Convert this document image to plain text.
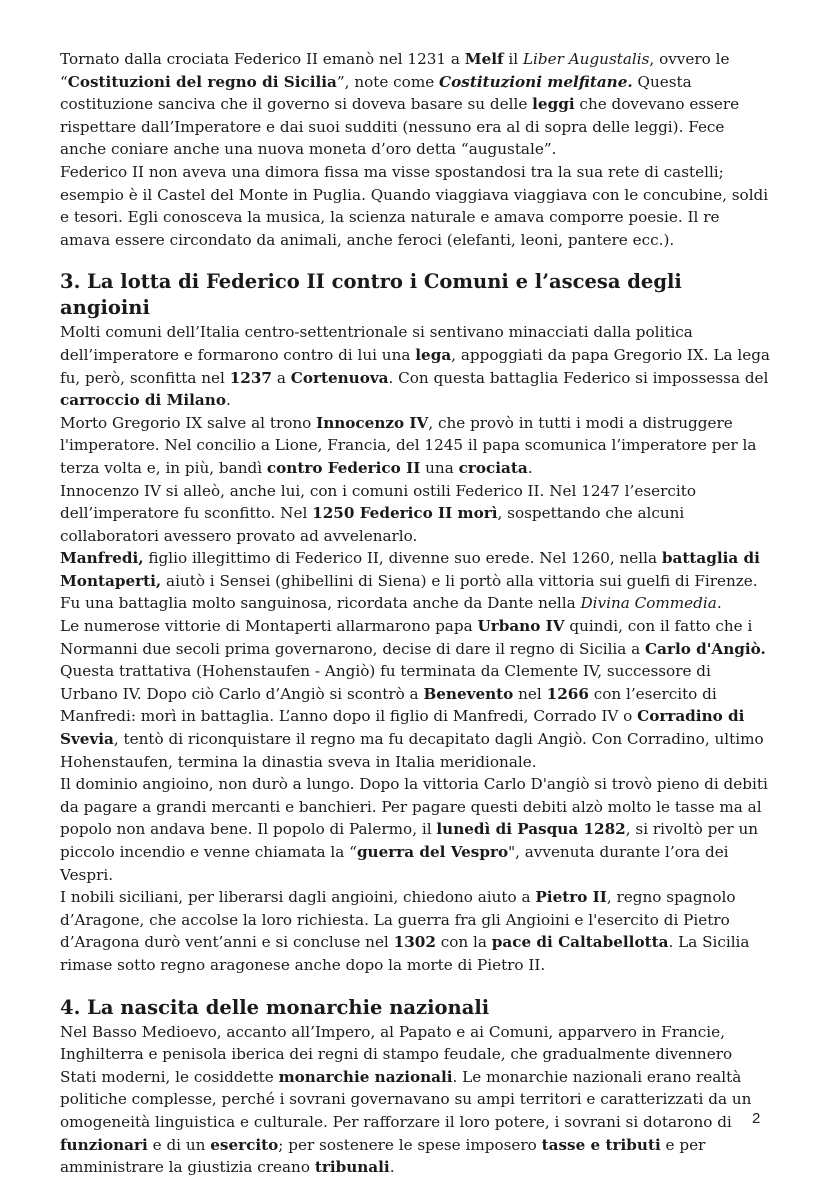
Tornato dalla crociata Federico II emanò nel 1231 a Melf il Liber Augustalis, ovvero le “Costituzioni del regno di Sicilia”, note come Costituzioni melfitane. Questa costituzione sanciva che il governo si doveva basare su delle leggi che dovevano essere rispettare dall’Imperatore e dai suoi sudditi (nessuno era al di sopra delle leggi). Fece anche coniare anche una nuova moneta d’oro detta “augustale”.

Federico II non aveva una dimora fissa ma visse spostandosi tra la sua rete di castelli; esempio è il Castel del Monte in Puglia. Quando viaggiava viaggiava con le concubine, soldi e tesori. Egli conosceva la musica, la scienza naturale e amava comporre poesie. Il re amava essere circondato da animali, anche feroci (elefanti, leoni, pantere ecc.).

3. La lotta di Federico II contro i Comuni e l’ascesa degli angioini

Molti comuni dell’Italia centro-settentrionale si sentivano minacciati dalla politica dell’imperatore e formarono contro di lui una lega, appoggiati da papa Gregorio IX. La lega fu, però, sconfitta nel 1237 a Cortenuova. Con questa battaglia Federico si impossessa del carroccio di Milano.

Morto Gregorio IX salve al trono Innocenzo IV, che provò in tutti i modi a distruggere l'imperatore. Nel concilio a Lione, Francia, del 1245 il papa scomunica l’imperatore per la terza volta e, in più, bandì contro Federico II una crociata.

Innocenzo IV si alleò, anche lui, con i comuni ostili Federico II. Nel 1247 l’esercito dell’imperatore fu sconfitto. Nel 1250 Federico II morì, sospettando che alcuni collaboratori avessero provato ad avvelenarlo.

Manfredi, figlio illegittimo di Federico II, divenne suo erede. Nel 1260, nella battaglia di Montaperti, aiutò i Sensei (ghibellini di Siena) e li portò alla vittoria sui guelfi di Firenze. Fu una battaglia molto sanguinosa, ricordata anche da Dante nella Divina Commedia.

Le numerose vittorie di Montaperti allarmarono papa Urbano IV quindi, con il fatto che i Normanni due secoli prima governarono, decise di dare il regno di Sicilia a Carlo d'Angiò. Questa trattativa (Hohenstaufen - Angiò) fu terminata da Clemente IV, successore di Urbano IV. Dopo ciò Carlo d’Angiò si scontrò a Benevento nel 1266 con l’esercito di Manfredi: morì in battaglia. L’anno dopo il figlio di Manfredi, Corrado IV o Corradino di Svevia, tentò di riconquistare il regno ma fu decapitato dagli Angiò. Con Corradino, ultimo Hohenstaufen, termina la dinastia sveva in Italia meridionale.

Il dominio angioino, non durò a lungo. Dopo la vittoria Carlo D'angiò si trovò pieno di debiti da pagare a grandi mercanti e banchieri. Per pagare questi debiti alzò molto le tasse ma al popolo non andava bene. Il popolo di Palermo, il lunedì di Pasqua 1282, si rivoltò per un piccolo incendio e venne chiamata la “guerra del Vespro", avvenuta durante l’ora dei Vespri.

I nobili siciliani, per liberarsi dagli angioini, chiedono aiuto a Pietro II, regno spagnolo d’Aragone, che accolse la loro richiesta. La guerra fra gli Angioini e l'esercito di Pietro d’Aragona durò vent’anni e si concluse nel 1302 con la pace di Caltabellotta. La Sicilia rimase sotto regno aragonese anche dopo la morte di Pietro II.

4. La nascita delle monarchie nazionali

Nel Basso Medioevo, accanto all’Impero, al Papato e ai Comuni, apparvero in Francie, Inghilterra e penisola iberica dei regni di stampo feudale, che gradualmente divennero Stati moderni, le cosiddette monarchie nazionali. Le monarchie nazionali erano realtà politiche complesse, perché i sovrani governavano su ampi territori e caratterizzati da un omogeneità linguistica e culturale. Per rafforzare il loro potere, i sovrani si dotarono di funzionari e di un esercito; per sostenere le spese imposero tasse e tributi e per amministrare la giustizia creano tribunali.

2
